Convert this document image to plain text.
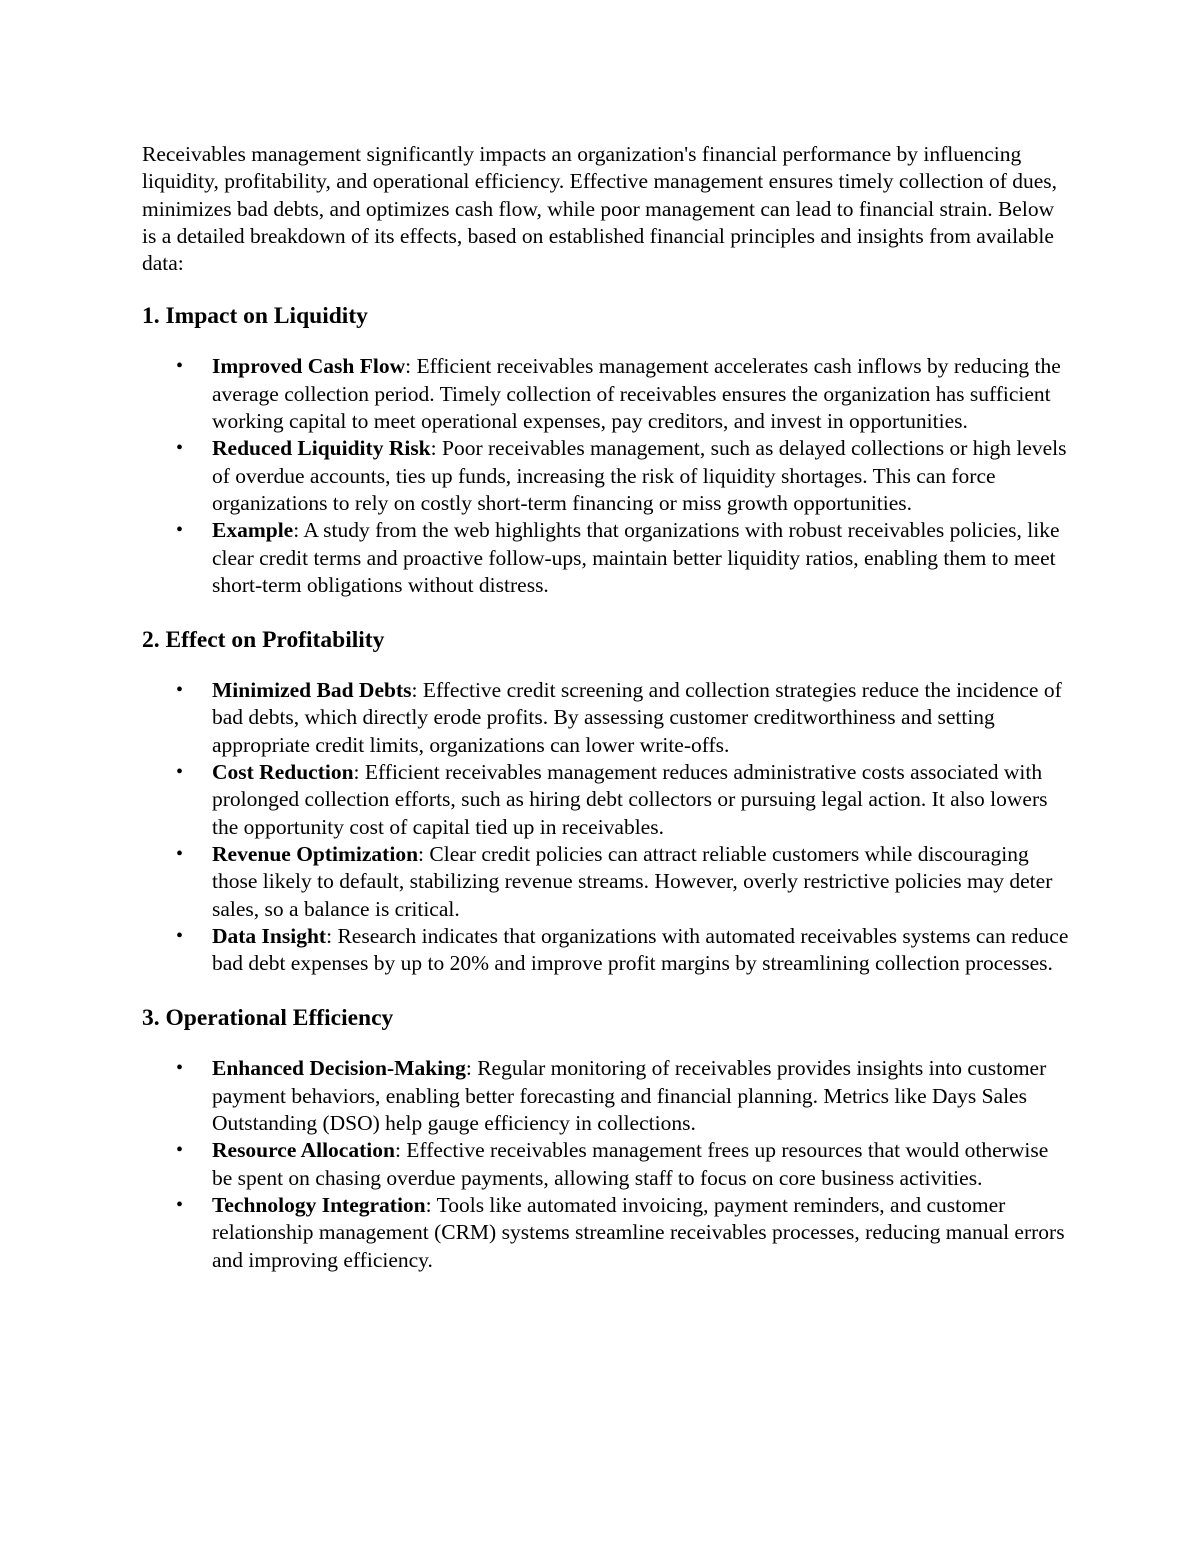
Receivables management significantly impacts an organization's financial performance by influencing liquidity, profitability, and operational efficiency. Effective management ensures timely collection of dues, minimizes bad debts, and optimizes cash flow, while poor management can lead to financial strain. Below is a detailed breakdown of its effects, based on established financial principles and insights from available data:

1. Impact on Liquidity
• Improved Cash Flow: Efficient receivables management accelerates cash inflows by reducing the average collection period. Timely collection of receivables ensures the organization has sufficient working capital to meet operational expenses, pay creditors, and invest in opportunities.
• Reduced Liquidity Risk: Poor receivables management, such as delayed collections or high levels of overdue accounts, ties up funds, increasing the risk of liquidity shortages. This can force organizations to rely on costly short-term financing or miss growth opportunities.
• Example: A study from the web highlights that organizations with robust receivables policies, like clear credit terms and proactive follow-ups, maintain better liquidity ratios, enabling them to meet short-term obligations without distress.
2. Effect on Profitability
• Minimized Bad Debts: Effective credit screening and collection strategies reduce the incidence of bad debts, which directly erode profits. By assessing customer creditworthiness and setting appropriate credit limits, organizations can lower write-offs.
• Cost Reduction: Efficient receivables management reduces administrative costs associated with prolonged collection efforts, such as hiring debt collectors or pursuing legal action. It also lowers the opportunity cost of capital tied up in receivables.
• Revenue Optimization: Clear credit policies can attract reliable customers while discouraging those likely to default, stabilizing revenue streams. However, overly restrictive policies may deter sales, so a balance is critical.
• Data Insight: Research indicates that organizations with automated receivables systems can reduce bad debt expenses by up to 20% and improve profit margins by streamlining collection processes.
3. Operational Efficiency
• Enhanced Decision-Making: Regular monitoring of receivables provides insights into customer payment behaviors, enabling better forecasting and financial planning. Metrics like Days Sales Outstanding (DSO) help gauge efficiency in collections.
• Resource Allocation: Effective receivables management frees up resources that would otherwise be spent on chasing overdue payments, allowing staff to focus on core business activities.
• Technology Integration: Tools like automated invoicing, payment reminders, and customer relationship management (CRM) systems streamline receivables processes, reducing manual errors and improving efficiency.
